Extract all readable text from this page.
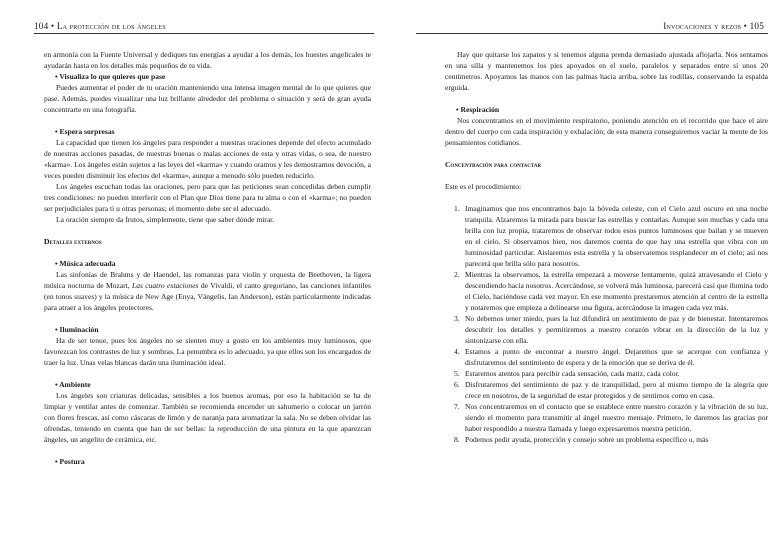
104 • La protección de los ángeles

en armonía con la Fuente Universal y dediques tus energías a ayudar a los demás, los huestes angelicales te ayudarán hasta en los detalles más pequeños de tu vida.

• Visualiza lo que quieres que pase

Puedes aumentar el poder de tu oración manteniendo una intensa imagen mental de lo que quieres que pase. Además, puedes visualizar una luz brillante alrededor del problema o situación y será de gran ayuda concentrarte en una fotografía.

• Espera sorpresas

La capacidad que tienen los ángeles para responder a nuestras oraciones depende del efecto acumulado de nuestras acciones pasadas, de nuestras buenas o malas acciones de esta y otras vidas, o sea, de nuestro «karma». Los ángeles están sujetos a las leyes del «karma» y cuando oramos y les demostramos devoción, a veces pueden disminuir los efectos del «karma», aunque a menudo sólo pueden reducirlo.

Los ángeles escuchan todas las oraciones, pero para que las peticiones sean concedidas deben cumplir tres condiciones: no pueden interferir con el Plan que Dios tiene para tu alma o con el «karma»; no pueden ser perjudiciales para ti u otras personas; el momento debe ser el adecuado.

La oración siempre da frutos, simplemente, tiene que saber dónde mirar.

Detalles externos

• Música adecuada

Las sinfonías de Brahms y de Haendel, las romanzas para violín y orquesta de Beethoven, la ligera música nocturna de Mozart, Las cuatro estaciones de Vivaldi, el canto gregoriano, las canciones infantiles (en tonos suaves) y la música de New Age (Enya, Vángelis, Ian Anderson), están particularmente indicadas para atraer a los ángeles protectores.

• Iluminación

Ha de ser tenue, pues los ángeles no se sienten muy a gusto en los ambientes muy luminosos, que favorezcan los contrastes de luz y sombras. La penumbra es lo adecuado, ya que ellos son los encargados de traer la luz. Unas velas blancas darán una iluminación ideal.

• Ambiente

Los ángeles son criaturas delicadas, sensibles a los buenos aromas, por eso la habitación se ha de limpiar y ventilar antes de comenzar. También se recomienda encender un sahumerio o colocar un jarrón con flores frescas, así como cáscaras de limón y de naranja para aromatizar la sala. No se deben olvidar las ofrendas, teniendo en cuenta que han de ser bellas: la reproducción de una pintura en la que aparezcan ángeles, un angelito de cerámica, etc.

• Postura

Invocaciones y rezos • 105

Hay que quitarse los zapatos y si tenemos alguna prenda demasiado ajustada aflojarla. Nos sentamos en una silla y mantenemos los pies apoyados en el suelo, paralelos y separados entre sí unos 20 centímetros. Apoyamos las manos con las palmas hacia arriba, sobre las rodillas, conservando la espalda erguida.

• Respiración

Nos concentramos en el movimiento respiratorio, poniendo atención en el recorrido que hace el aire dentro del cuerpo con cada inspiración y exhalación; de esta manera conseguiremos vaciar la mente de los pensamientos cotidianos.

Concentración para contactar

Este es el procedimiento:

1. Imaginamos que nos encontramos bajo la bóveda celeste, con el Cielo azul oscuro en una noche tranquila. Alzaremos la mirada para buscar las estrellas y contarlas. Aunque son muchas y cada una brilla con luz propia, trataremos de observar todos esos puntos luminosos que bailan y se mueven en el cielo. Si observamos bien, nos daremos cuenta de que hay una estrella que vibra con un luminosidad particular. Aislaremos esta estrella y la observaremos resplandecer en el cielo; así nos parecerá que brilla sólo para nosotros.
2. Mientras la observamos, la estrella empezará a moverse lentamente, quizá atravesando el Cielo y descendiendo hacia nosotros. Acercándose, se volverá más luminosa, parecerá casi que ilumina todo el Cielo, haciéndose cada vez mayor. En ese momento prestaremos atención al centro de la estrella y notaremos que empieza a delinearse una figura, acercándose la imagen cada vez más.
3. No debemos tener miedo, pues la luz difundirá un sentimiento de paz y de bienestar. Intentaremos descubrir los detalles y permitiremos a nuestro corazón vibrar en la dirección de la luz y sintonizarse con ella.
4. Estamos a punto de encontrar a nuestro ángel. Dejaremos que se acerque con confianza y disfrutaremos del sentimiento de espera y de la emoción que se deriva de él.
5. Estaremos atentos para percibir cada sensación, cada matiz, cada color.
6. Disfrutaremos del sentimiento de paz y de tranquilidad, pero al mismo tiempo de la alegría que crece en nosotros, de la seguridad de estar protegidos y de sentirnos como en casa.
7. Nos concentraremos en el contacto que se establece entre nuestro corazón y la vibración de su luz, siendo el momento para transmitir al ángel nuestro mensaje. Primero, le daremos las gracias por haber respondido a nuestra llamada y luego expresaremos nuestra petición.
8. Podemos pedir ayuda, protección y consejo sobre un problema específico o, más
